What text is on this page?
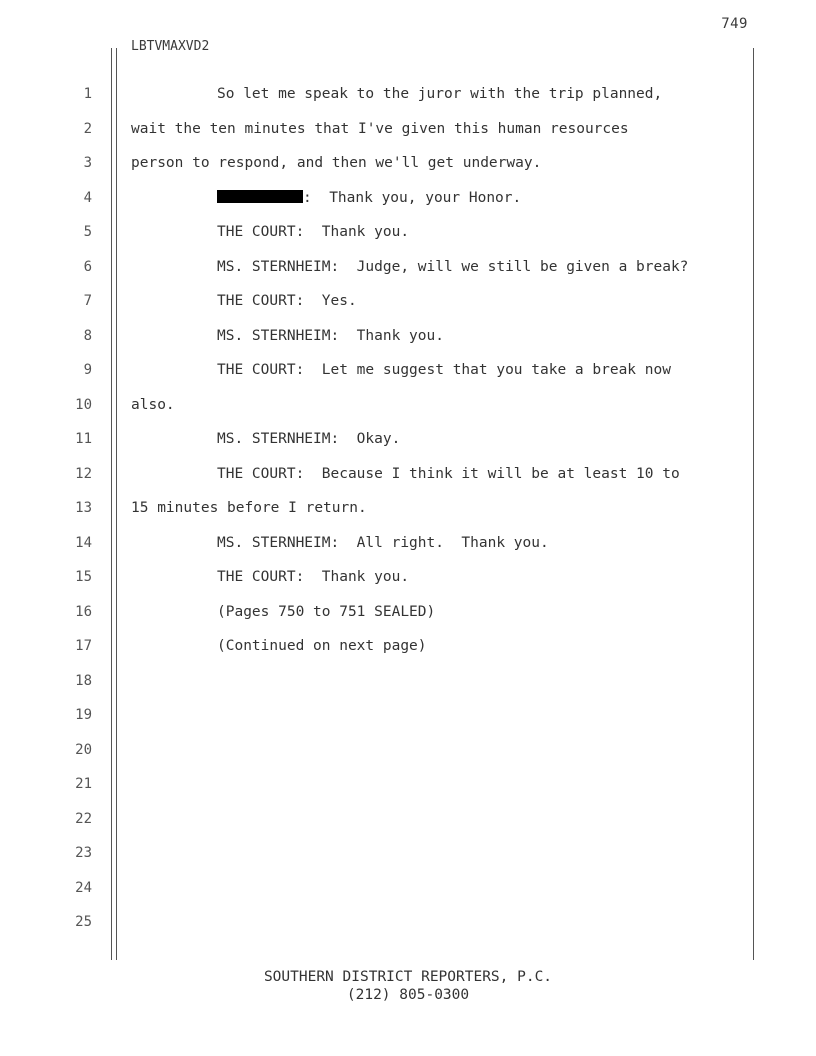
749
LBTVMAXVD2
1	So let me speak to the juror with the trip planned,
2	wait the ten minutes that I've given this human resources
3	person to respond, and then we'll get underway.
4	:  Thank you, your Honor.
5	THE COURT:  Thank you.
6	MS. STERNHEIM:  Judge, will we still be given a break?
7	THE COURT:  Yes.
8	MS. STERNHEIM:  Thank you.
9	THE COURT:  Let me suggest that you take a break now
10	also.
11	MS. STERNHEIM:  Okay.
12	THE COURT:  Because I think it will be at least 10 to
13	15 minutes before I return.
14	MS. STERNHEIM:  All right.  Thank you.
15	THE COURT:  Thank you.
16	(Pages 750 to 751 SEALED)
17	(Continued on next page)
18
19
20
21
22
23
24
25
SOUTHERN DISTRICT REPORTERS, P.C.
(212) 805-0300
